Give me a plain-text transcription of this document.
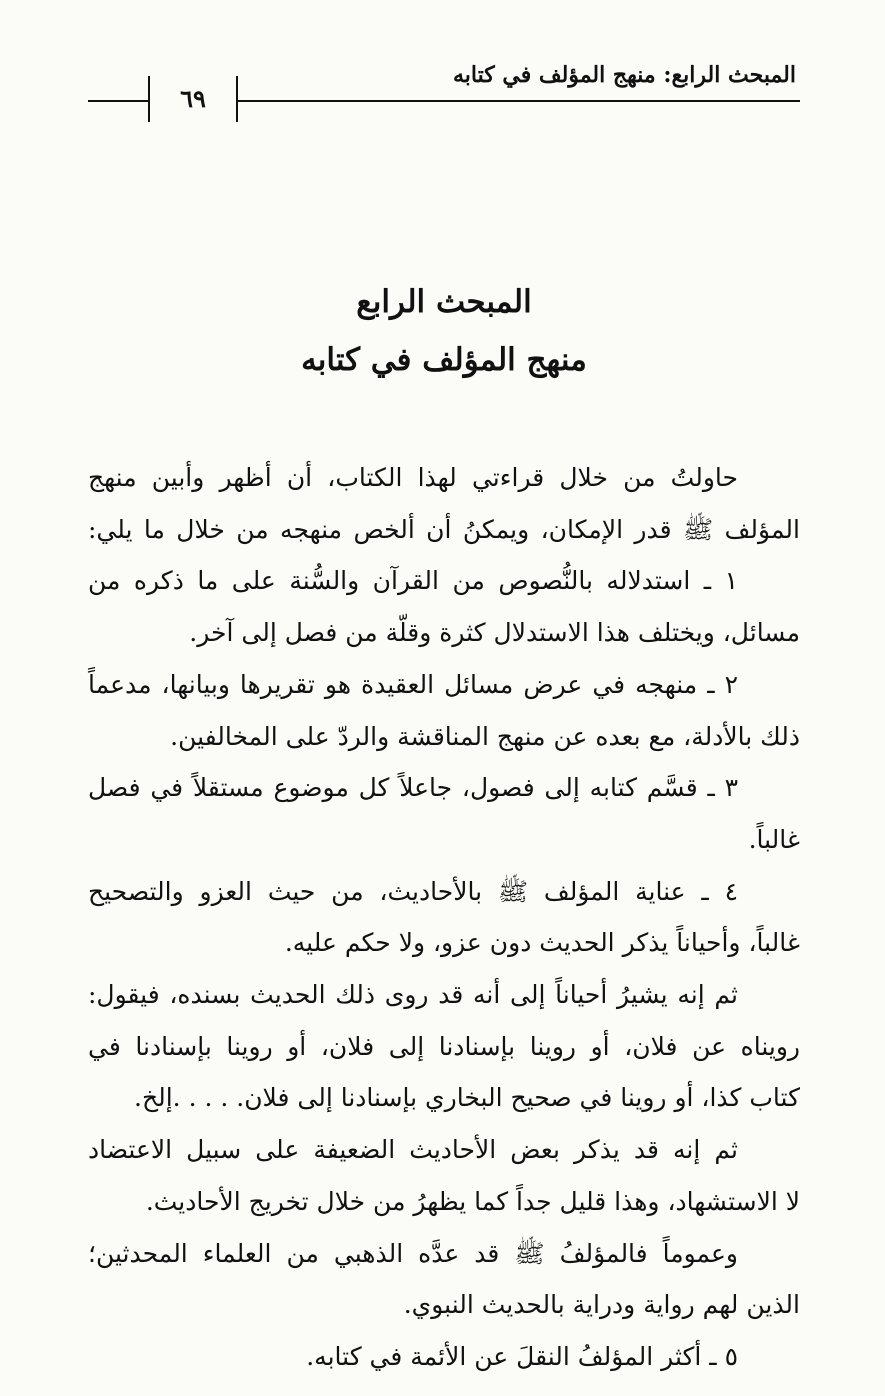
المبحث الرابع: منهج المؤلف في كتابه
٦٩
المبحث الرابع
منهج المؤلف في كتابه

حاولتُ من خلال قراءتي لهذا الكتاب، أن أظهر وأبين منهج

المؤلف ﷺ قدر الإمكان، ويمكنُ أن ألخص منهجه من خلال ما يلي:

١ ـ استدلاله بالنُّصوص من القرآن والسُّنة على ما ذكره من

مسائل، ويختلف هذا الاستدلال كثرة وقلّة من فصل إلى آخر.

٢ ـ منهجه في عرض مسائل العقيدة هو تقريرها وبيانها، مدعماً

ذلك بالأدلة، مع بعده عن منهج المناقشة والردّ على المخالفين.

٣ ـ قسَّم كتابه إلى فصول، جاعلاً كل موضوع مستقلاً في فصل

غالباً.

٤ ـ عناية المؤلف ﷺ بالأحاديث، من حيث العزو والتصحيح

غالباً، وأحياناً يذكر الحديث دون عزو، ولا حكم عليه.

ثم إنه يشيرُ أحياناً إلى أنه قد روى ذلك الحديث بسنده، فيقول:

رويناه عن فلان، أو روينا بإسنادنا إلى فلان، أو روينا بإسنادنا في

كتاب كذا، أو روينا في صحيح البخاري بإسنادنا إلى فلان. . . . .إلخ.

ثم إنه قد يذكر بعض الأحاديث الضعيفة على سبيل الاعتضاد

لا الاستشهاد، وهذا قليل جداً كما يظهرُ من خلال تخريج الأحاديث.

وعموماً فالمؤلفُ ﷺ قد عدَّه الذهبي من العلماء المحدثين؛

الذين لهم رواية ودراية بالحديث النبوي.

٥ ـ أكثر المؤلفُ النقلَ عن الأئمة في كتابه.
